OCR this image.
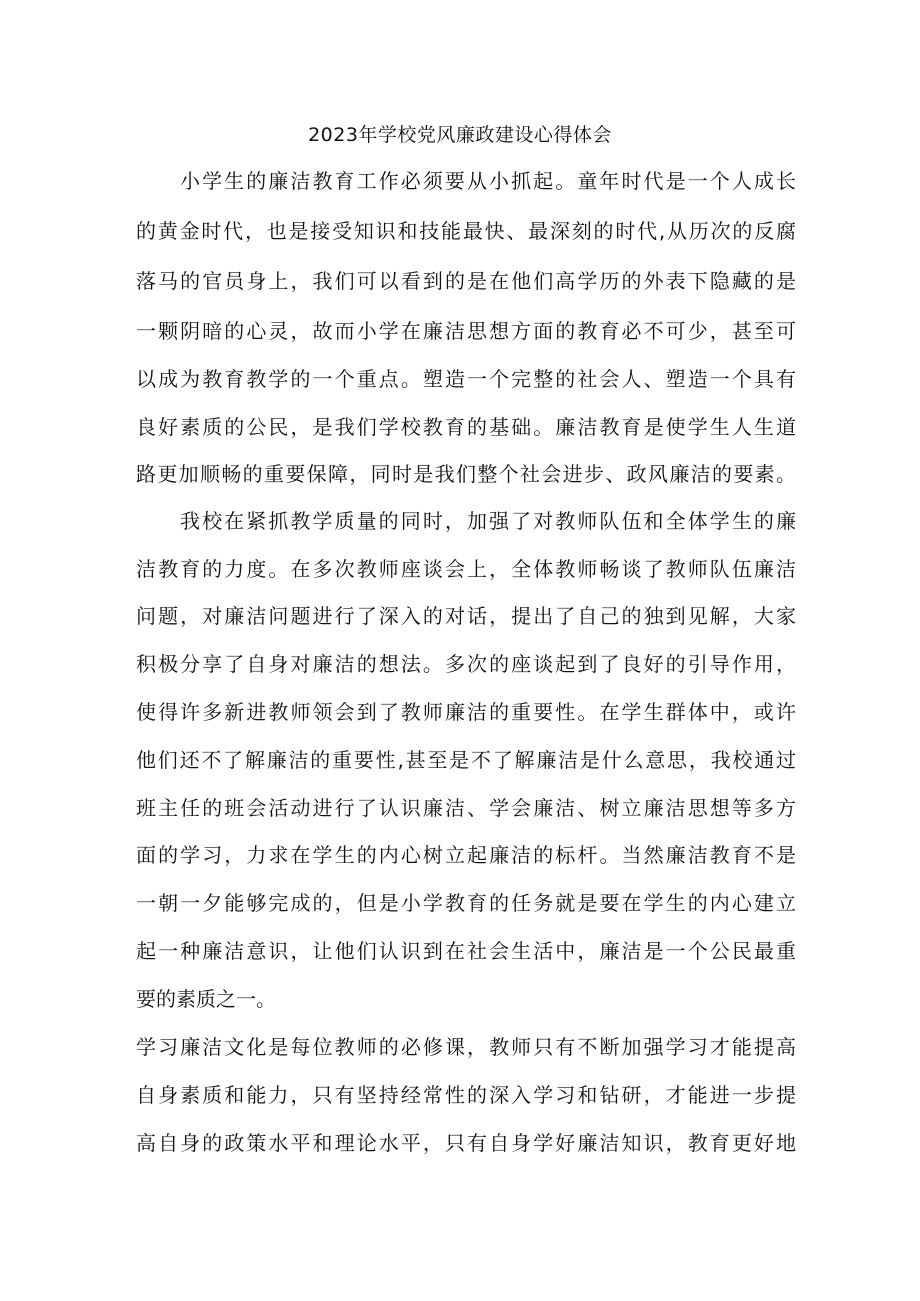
2023年学校党风廉政建设心得体会
小学生的廉洁教育工作必须要从小抓起。童年时代是一个人成长
的黄金时代，也是接受知识和技能最快、最深刻的时代,从历次的反腐
落马的官员身上，我们可以看到的是在他们高学历的外表下隐藏的是
一颗阴暗的心灵，故而小学在廉洁思想方面的教育必不可少，甚至可
以成为教育教学的一个重点。塑造一个完整的社会人、塑造一个具有
良好素质的公民，是我们学校教育的基础。廉洁教育是使学生人生道
路更加顺畅的重要保障，同时是我们整个社会进步、政风廉洁的要素。
我校在紧抓教学质量的同时，加强了对教师队伍和全体学生的廉
洁教育的力度。在多次教师座谈会上，全体教师畅谈了教师队伍廉洁
问题，对廉洁问题进行了深入的对话，提出了自己的独到见解，大家
积极分享了自身对廉洁的想法。多次的座谈起到了良好的引导作用，
使得许多新进教师领会到了教师廉洁的重要性。在学生群体中，或许
他们还不了解廉洁的重要性,甚至是不了解廉洁是什么意思，我校通过
班主任的班会活动进行了认识廉洁、学会廉洁、树立廉洁思想等多方
面的学习，力求在学生的内心树立起廉洁的标杆。当然廉洁教育不是
一朝一夕能够完成的，但是小学教育的任务就是要在学生的内心建立
起一种廉洁意识，让他们认识到在社会生活中，廉洁是一个公民最重
要的素质之一。
学习廉洁文化是每位教师的必修课，教师只有不断加强学习才能提高
自身素质和能力，只有坚持经常性的深入学习和钻研，才能进一步提
高自身的政策水平和理论水平，只有自身学好廉洁知识，教育更好地
